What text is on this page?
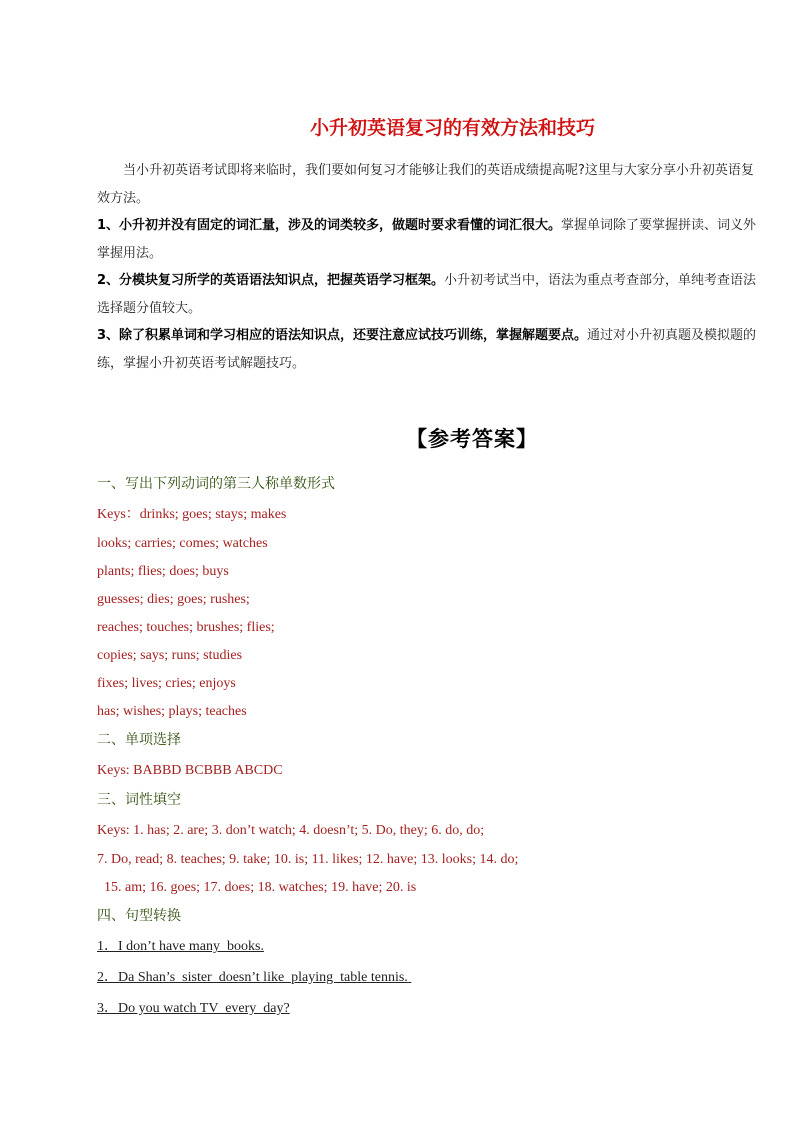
小升初英语复习的有效方法和技巧

当小升初英语考试即将来临时，我们要如何复习才能够让我们的英语成绩提高呢?这里与大家分享小升初英语复

效方法。

1、小升初并没有固定的词汇量，涉及的词类较多，做题时要求看懂的词汇很大。掌握单词除了要掌握拼读、词义外

掌握用法。

2、分模块复习所学的英语语法知识点，把握英语学习框架。小升初考试当中，语法为重点考查部分，单纯考查语法

选择题分值较大。

3、除了积累单词和学习相应的语法知识点，还要注意应试技巧训练，掌握解题要点。通过对小升初真题及模拟题的

练，掌握小升初英语考试解题技巧。

【参考答案】

一、写出下列动词的第三人称单数形式

Keys：drinks; goes; stays; makes

looks; carries; comes; watches

plants; flies; does; buys

guesses; dies; goes; rushes;

reaches; touches; brushes; flies;

copies; says; runs; studies

fixes; lives; cries; enjoys

has; wishes; plays; teaches

二、单项选择

Keys: BABBD BCBBB ABCDC

三、词性填空

Keys: 1. has; 2. are; 3. don’t watch; 4. doesn’t; 5. Do, they; 6. do, do;

7. Do, read; 8. teaches; 9. take; 10. is; 11. likes; 12. have; 13. looks; 14. do;

15. am; 16. goes; 17. does; 18. watches; 19. have; 20. is

四、句型转换

1．I don’t have many  books.

2．Da Shan’s  sister  doesn’t like  playing  table tennis.

3．Do you watch TV  every  day?
